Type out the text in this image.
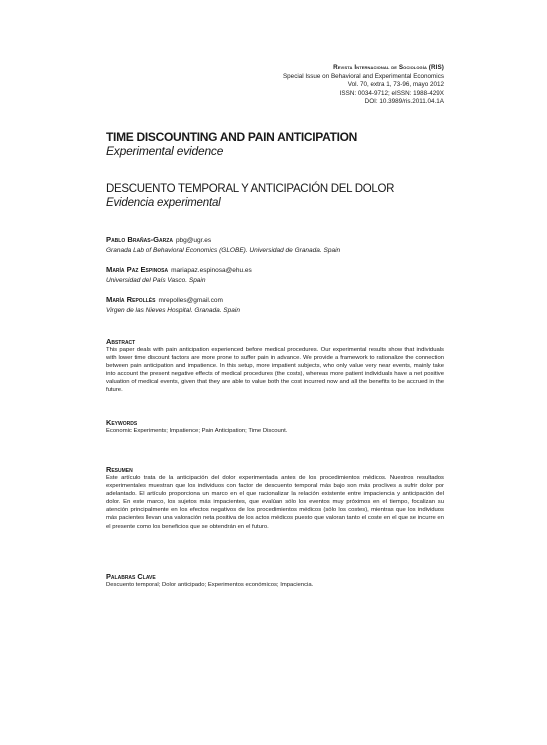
Revista Internacional de Sociología (RIS)
Special Issue on Behavioral and Experimental Economics
Vol. 70, extra 1, 73-96, mayo 2012
ISSN: 0034-9712; eISSN: 1988-429X
DOI: 10.3989/ris.2011.04.1A
TIME DISCOUNTING AND PAIN ANTICIPATION
Experimental evidence
DESCUENTO TEMPORAL Y ANTICIPACIÓN DEL DOLOR
Evidencia experimental
Pablo Brañas-Garza pbg@ugr.es
Granada Lab of Behavioral Economics (GLOBE). Universidad de Granada. Spain
María Paz Espinosa mariapaz.espinosa@ehu.es
Universidad del País Vasco. Spain
María Repollés mrepolles@gmail.com
Virgen de las Nieves Hospital. Granada. Spain
Abstract
This paper deals with pain anticipation experienced before medical procedures. Our experimental results show that individuals with lower time discount factors are more prone to suffer pain in advance. We provide a framework to rationalize the connection between pain anticipation and impatience. In this setup, more impatient subjects, who only value very near events, mainly take into account the present negative effects of medical procedures (the costs), whereas more patient individuals have a net positive valuation of medical events, given that they are able to value both the cost incurred now and all the benefits to be accrued in the future.
Keywords
Economic Experiments; Impatience; Pain Anticipation; Time Discount.
Resumen
Este artículo trata de la anticipación del dolor experimentada antes de los procedimientos médicos. Nuestros resultados experimentales muestran que los individuos con factor de descuento temporal más bajo son más proclives a sufrir dolor por adelantado. El artículo proporciona un marco en el que racionalizar la relación existente entre impaciencia y anticipación del dolor. En este marco, los sujetos más impacientes, que evalúan sólo los eventos muy próximos en el tiempo, focalizan su atención principalmente en los efectos negativos de los procedimientos médicos (sólo los costes), mientras que los individuos más pacientes llevan una valoración neta positiva de los actos médicos puesto que valoran tanto el coste en el que se incurre en el presente como los beneficios que se obtendrán en el futuro.
Palabras Clave
Descuento temporal; Dolor anticipado; Experimentos económicos; Impaciencia.
